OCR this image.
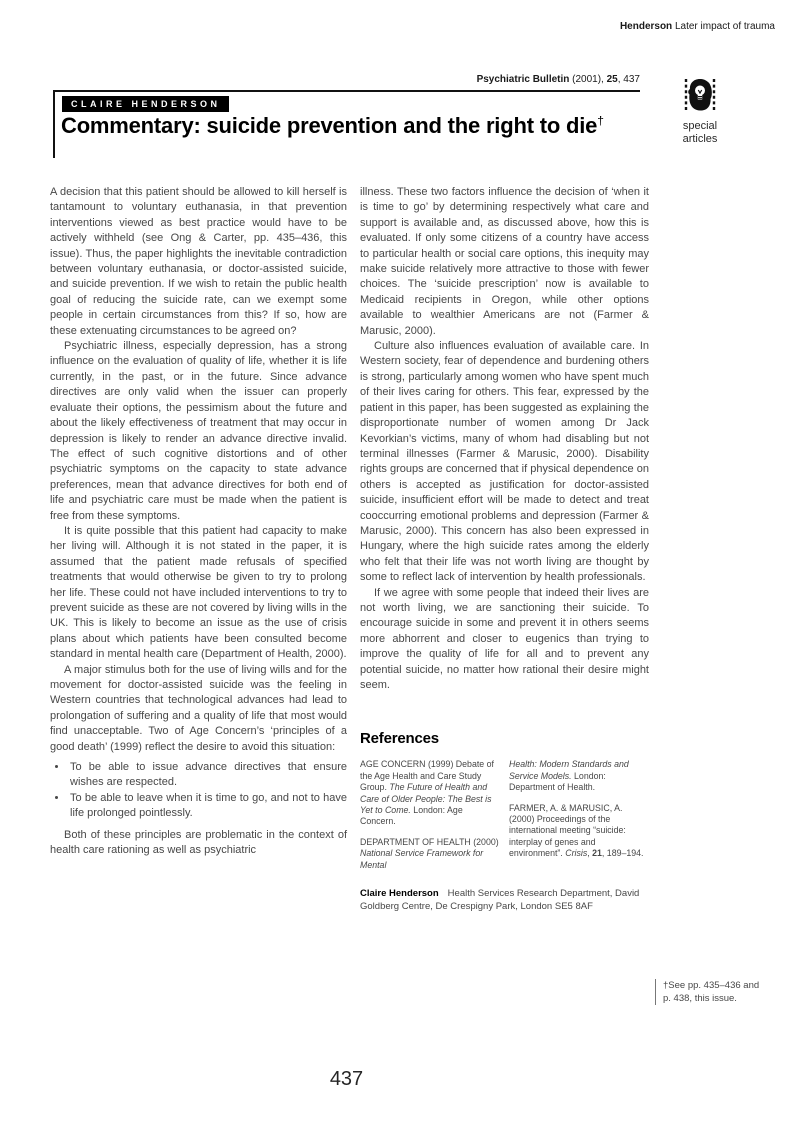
Henderson Later impact of trauma
Psychiatric Bulletin (2001), 25, 437
CLAIRE HENDERSON
Commentary: suicide prevention and the right to die†	special articles

A decision that this patient should be allowed to kill herself is tantamount to voluntary euthanasia, in that prevention interventions viewed as best practice would have to be actively withheld (see Ong & Carter, pp. 435–436, this issue). Thus, the paper highlights the inevitable contradiction between voluntary euthanasia, or doctor-assisted suicide, and suicide prevention. If we wish to retain the public health goal of reducing the suicide rate, can we exempt some people in certain circumstances from this? If so, how are these extenuating circumstances to be agreed on?

Psychiatric illness, especially depression, has a strong influence on the evaluation of quality of life, whether it is life currently, in the past, or in the future. Since advance directives are only valid when the issuer can properly evaluate their options, the pessimism about the future and about the likely effectiveness of treatment that may occur in depression is likely to render an advance directive invalid. The effect of such cognitive distortions and of other psychiatric symptoms on the capacity to state advance preferences, mean that advance directives for both end of life and psychiatric care must be made when the patient is free from these symptoms.

It is quite possible that this patient had capacity to make her living will. Although it is not stated in the paper, it is assumed that the patient made refusals of specified treatments that would otherwise be given to try to prolong her life. These could not have included interventions to try to prevent suicide as these are not covered by living wills in the UK. This is likely to become an issue as the use of crisis plans about which patients have been consulted become standard in mental health care (Department of Health, 2000).

A major stimulus both for the use of living wills and for the movement for doctor-assisted suicide was the feeling in Western countries that technological advances had lead to prolongation of suffering and a quality of life that most would find unacceptable. Two of Age Concern’s ‘principles of a good death’ (1999) reflect the desire to avoid this situation:

• To be able to issue advance directives that ensure wishes are respected.
• To be able to leave when it is time to go, and not to have life prolonged pointlessly.

Both of these principles are problematic in the context of health care rationing as well as psychiatric

illness. These two factors influence the decision of ‘when it is time to go’ by determining respectively what care and support is available and, as discussed above, how this is evaluated. If only some citizens of a country have access to particular health or social care options, this inequity may make suicide relatively more attractive to those with fewer choices. The ‘suicide prescription’ now is available to Medicaid recipients in Oregon, while other options available to wealthier Americans are not (Farmer & Marusic, 2000).

Culture also influences evaluation of available care. In Western society, fear of dependence and burdening others is strong, particularly among women who have spent much of their lives caring for others. This fear, expressed by the patient in this paper, has been suggested as explaining the disproportionate number of women among Dr Jack Kevorkian’s victims, many of whom had disabling but not terminal illnesses (Farmer & Marusic, 2000). Disability rights groups are concerned that if physical dependence on others is accepted as justification for doctor-assisted suicide, insufficient effort will be made to detect and treat cooccurring emotional problems and depression (Farmer & Marusic, 2000). This concern has also been expressed in Hungary, where the high suicide rates among the elderly who felt that their life was not worth living are thought by some to reflect lack of intervention by health professionals.

If we agree with some people that indeed their lives are not worth living, we are sanctioning their suicide. To encourage suicide in some and prevent it in others seems more abhorrent and closer to eugenics than trying to improve the quality of life for all and to prevent any potential suicide, no matter how rational their desire might seem.

References

AGE CONCERN (1999) Debate of the Age Health and Care Study Group. The Future of Health and Care of Older People: The Best is Yet to Come. London: Age Concern.

DEPARTMENT OF HEALTH (2000) National Service Framework for Mental

Health: Modern Standards and Service Models. London: Department of Health.

FARMER, A. & MARUSIC, A. (2000) Proceedings of the international meeting “suicide: interplay of genes and environment”. Crisis, 21, 189–194.

Claire Henderson Health Services Research Department, David Goldberg Centre, De Crespigny Park, London SE5 8AF
†See pp. 435–436 and p. 438, this issue.
437
